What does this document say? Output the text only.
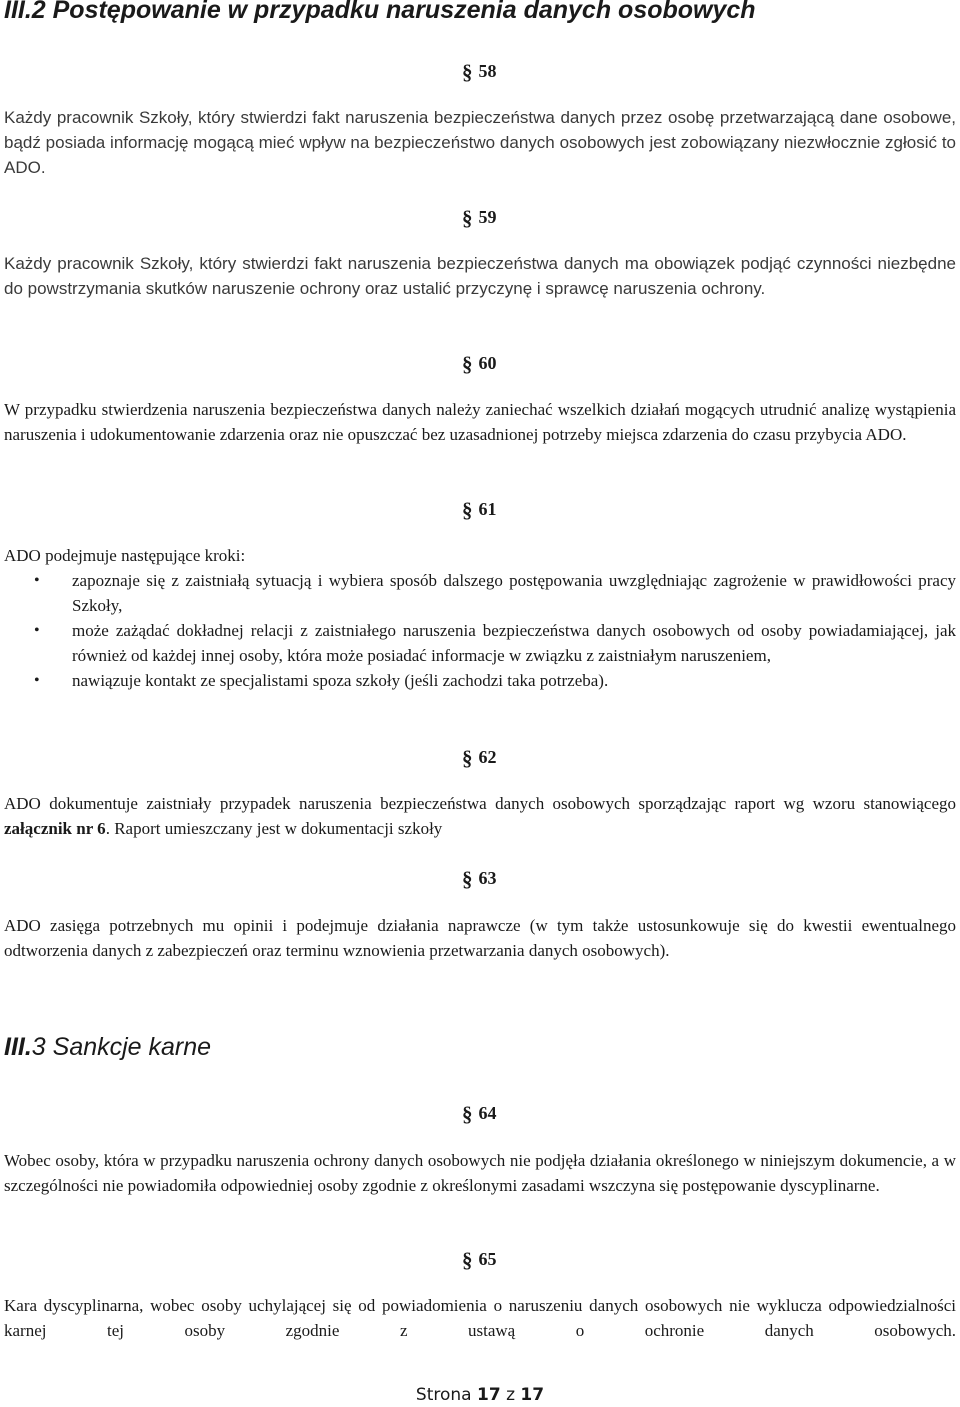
III.2 Postępowanie w przypadku naruszenia danych osobowych
§ 58

Każdy pracownik Szkoły, który stwierdzi fakt naruszenia bezpieczeństwa danych przez osobę przetwarzającą dane osobowe, bądź posiada informację mogącą mieć wpływ na bezpieczeństwo danych osobowych jest zobowiązany niezwłocznie zgłosić to ADO.

§ 59

Każdy pracownik Szkoły, który stwierdzi fakt naruszenia bezpieczeństwa danych ma obowiązek podjąć czynności niezbędne do powstrzymania skutków naruszenie ochrony oraz ustalić przyczynę i sprawcę naruszenia ochrony.

§ 60

W przypadku stwierdzenia naruszenia bezpieczeństwa danych należy zaniechać wszelkich działań mogących utrudnić analizę wystąpienia naruszenia i udokumentowanie zdarzenia oraz nie opuszczać bez uzasadnionej potrzeby miejsca zdarzenia do czasu przybycia ADO.

§ 61

ADO podejmuje następujące kroki:

• zapoznaje się z zaistniałą sytuacją i wybiera sposób dalszego postępowania uwzględniając zagrożenie w prawidłowości pracy Szkoły,
• może zażądać dokładnej relacji z zaistniałego naruszenia bezpieczeństwa danych osobowych od osoby powiadamiającej, jak również od każdej innej osoby, która może posiadać informacje w związku z zaistniałym naruszeniem,
• nawiązuje kontakt ze specjalistami spoza szkoły (jeśli zachodzi taka potrzeba).
§ 62

ADO dokumentuje zaistniały przypadek naruszenia bezpieczeństwa danych osobowych sporządzając raport wg wzoru stanowiącego załącznik nr 6. Raport umieszczany jest w dokumentacji szkoły

§ 63

ADO zasięga potrzebnych mu opinii i podejmuje działania naprawcze (w tym także ustosunkowuje się do kwestii ewentualnego odtworzenia danych z zabezpieczeń oraz terminu wznowienia przetwarzania danych osobowych).

III.3 Sankcje karne
§ 64

Wobec osoby, która w przypadku naruszenia ochrony danych osobowych nie podjęła działania określonego w niniejszym dokumencie, a w szczególności nie powiadomiła odpowiedniej osoby zgodnie z określonymi zasadami wszczyna się postępowanie dyscyplinarne.

§ 65

Kara dyscyplinarna, wobec osoby uchylającej się od powiadomienia o naruszeniu danych osobowych nie wyklucza odpowiedzialności karnej tej osoby zgodnie z ustawą o ochronie danych osobowych.

Strona 17 z 17
